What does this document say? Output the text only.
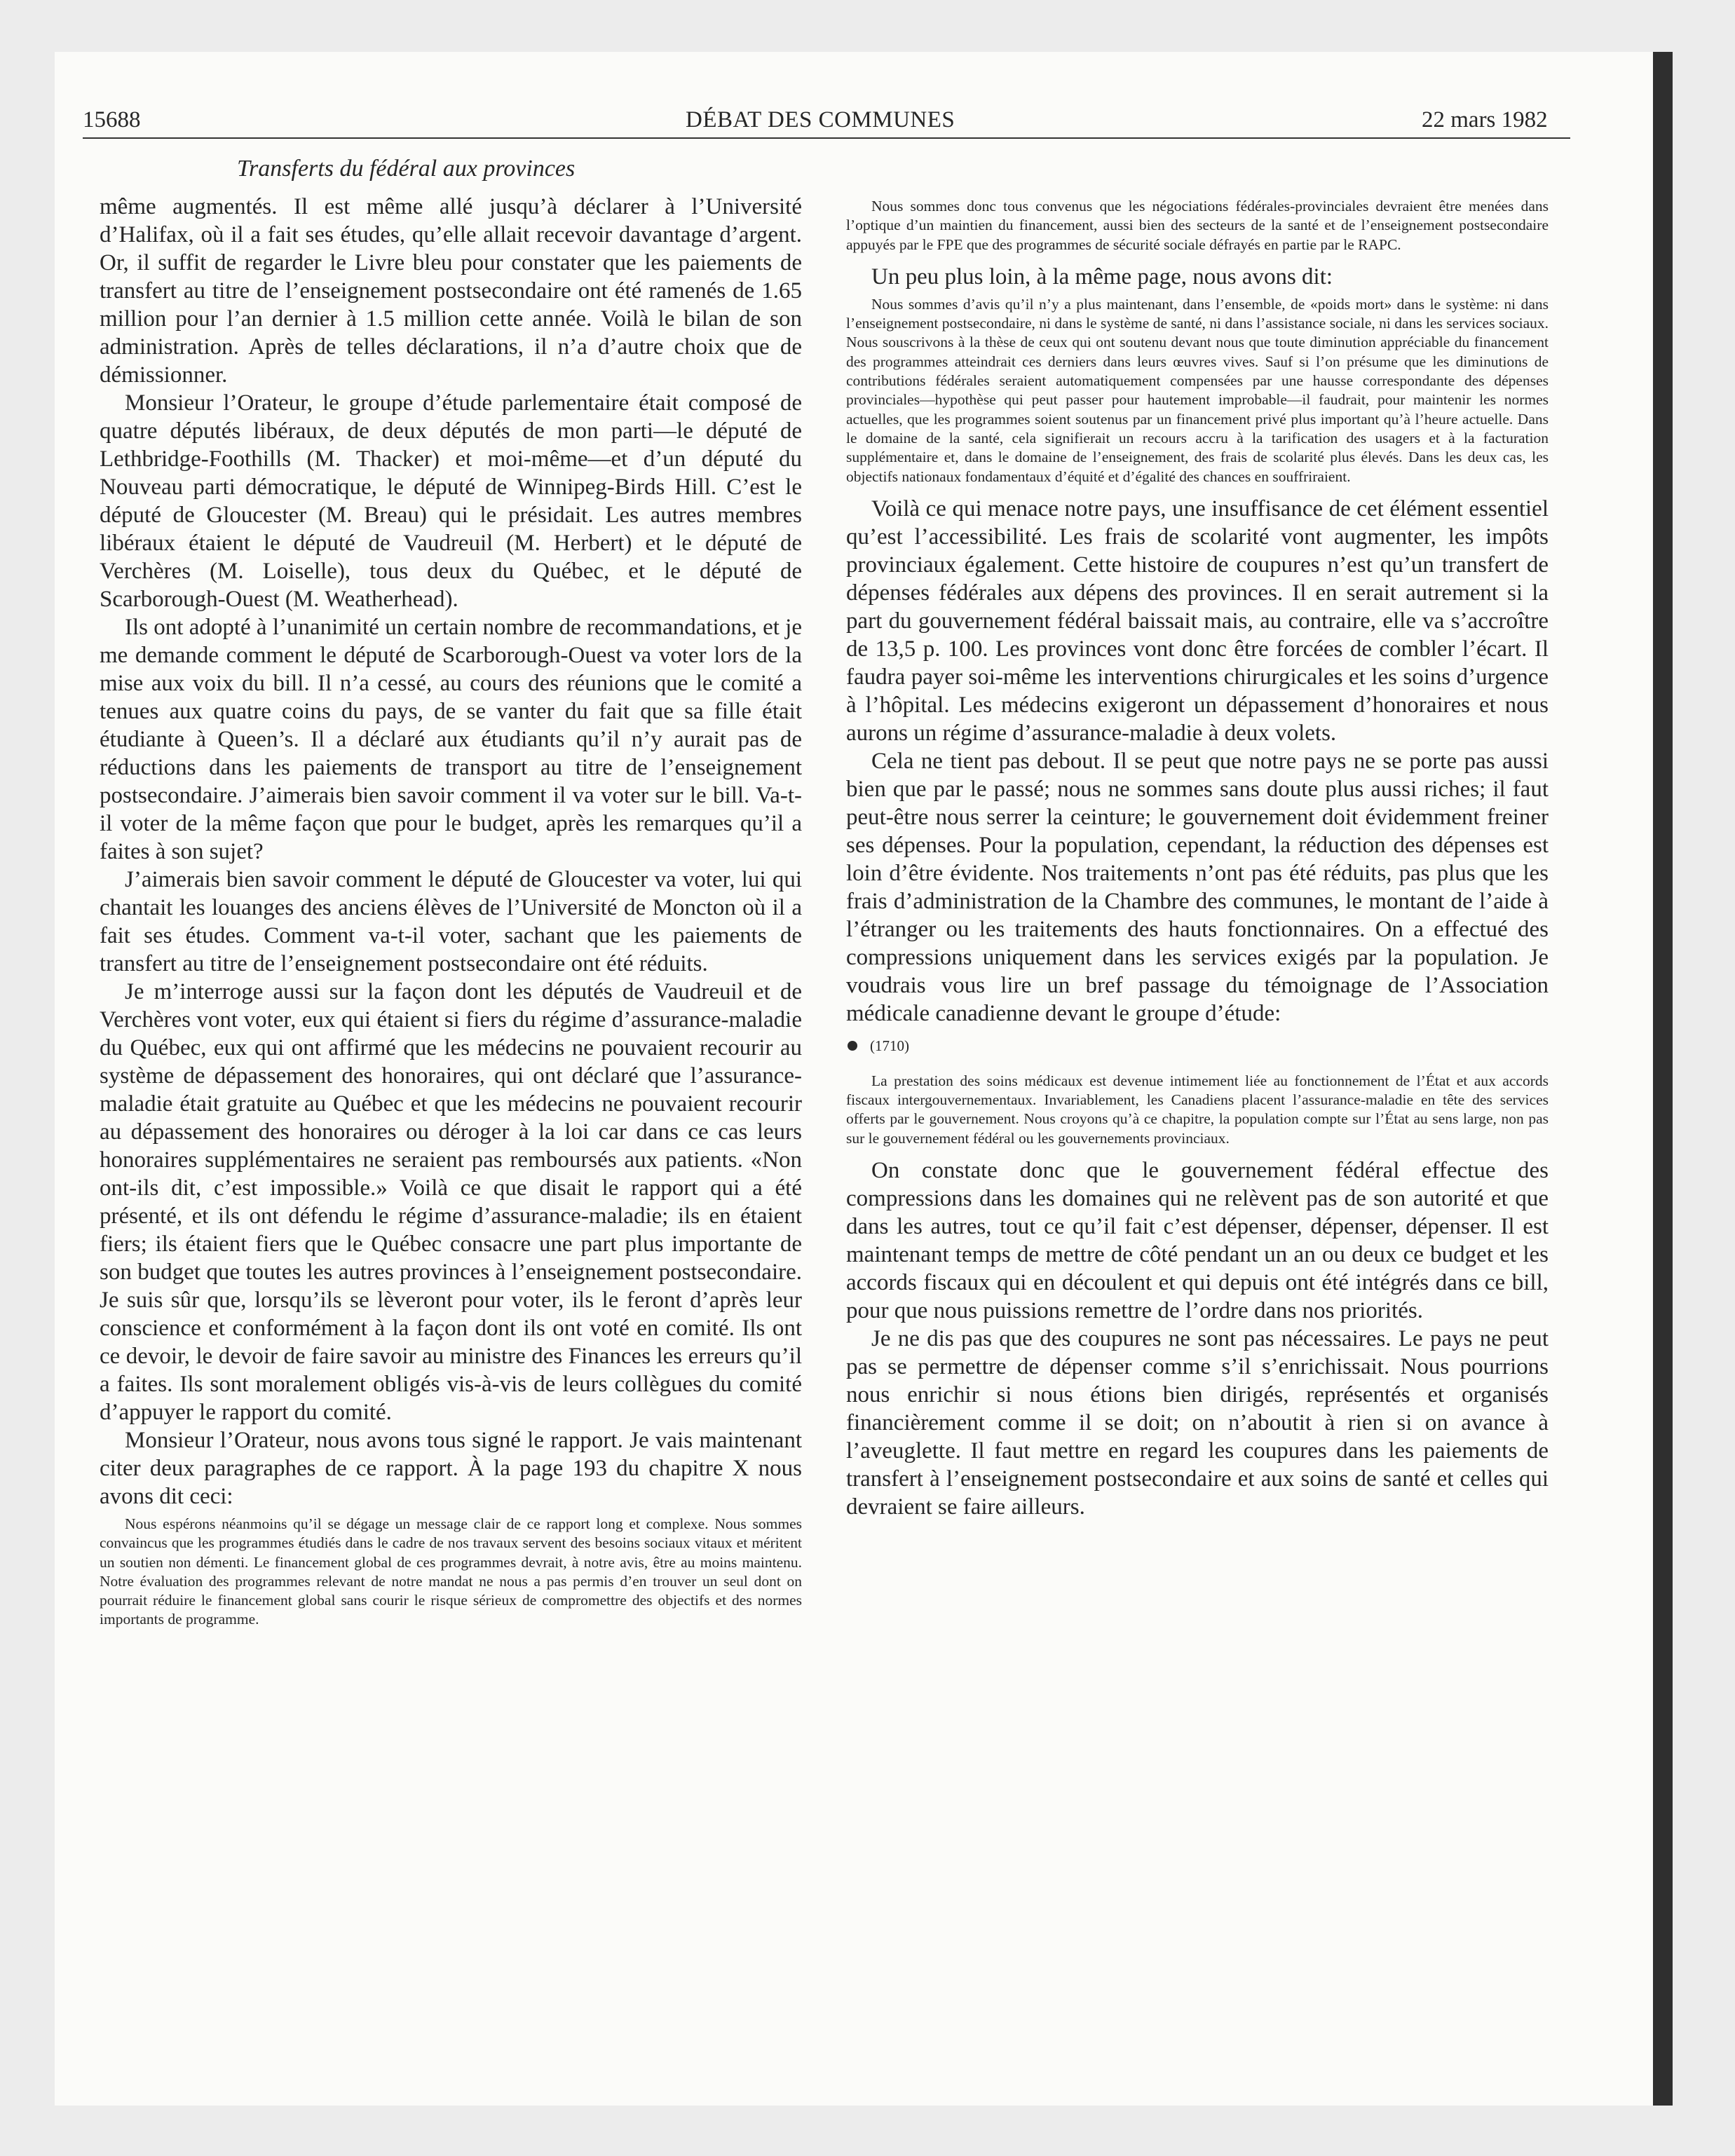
15688	DÉBAT DES COMMUNES	22 mars 1982
Transferts du fédéral aux provinces

même augmentés. Il est même allé jusqu’à déclarer à l’Université d’Halifax, où il a fait ses études, qu’elle allait recevoir davantage d’argent. Or, il suffit de regarder le Livre bleu pour constater que les paiements de transfert au titre de l’enseignement postsecondaire ont été ramenés de 1.65 million pour l’an dernier à 1.5 million cette année. Voilà le bilan de son administration. Après de telles déclarations, il n’a d’autre choix que de démissionner.

Monsieur l’Orateur, le groupe d’étude parlementaire était composé de quatre députés libéraux, de deux députés de mon parti—le député de Lethbridge-Foothills (M. Thacker) et moi-même—et d’un député du Nouveau parti démocratique, le député de Winnipeg-Birds Hill. C’est le député de Gloucester (M. Breau) qui le présidait. Les autres membres libéraux étaient le député de Vaudreuil (M. Herbert) et le député de Verchères (M. Loiselle), tous deux du Québec, et le député de Scarborough-Ouest (M. Weatherhead).

Ils ont adopté à l’unanimité un certain nombre de recommandations, et je me demande comment le député de Scarborough-Ouest va voter lors de la mise aux voix du bill. Il n’a cessé, au cours des réunions que le comité a tenues aux quatre coins du pays, de se vanter du fait que sa fille était étudiante à Queen’s. Il a déclaré aux étudiants qu’il n’y aurait pas de réductions dans les paiements de transport au titre de l’enseignement postsecondaire. J’aimerais bien savoir comment il va voter sur le bill. Va-t-il voter de la même façon que pour le budget, après les remarques qu’il a faites à son sujet?

J’aimerais bien savoir comment le député de Gloucester va voter, lui qui chantait les louanges des anciens élèves de l’Université de Moncton où il a fait ses études. Comment va-t-il voter, sachant que les paiements de transfert au titre de l’enseignement postsecondaire ont été réduits.

Je m’interroge aussi sur la façon dont les députés de Vaudreuil et de Verchères vont voter, eux qui étaient si fiers du régime d’assurance-maladie du Québec, eux qui ont affirmé que les médecins ne pouvaient recourir au système de dépassement des honoraires, qui ont déclaré que l’assurance-maladie était gratuite au Québec et que les médecins ne pouvaient recourir au dépassement des honoraires ou déroger à la loi car dans ce cas leurs honoraires supplémentaires ne seraient pas remboursés aux patients. «Non ont-ils dit, c’est impossible.» Voilà ce que disait le rapport qui a été présenté, et ils ont défendu le régime d’assurance-maladie; ils en étaient fiers; ils étaient fiers que le Québec consacre une part plus importante de son budget que toutes les autres provinces à l’enseignement postsecondaire. Je suis sûr que, lorsqu’ils se lèveront pour voter, ils le feront d’après leur conscience et conformément à la façon dont ils ont voté en comité. Ils ont ce devoir, le devoir de faire savoir au ministre des Finances les erreurs qu’il a faites. Ils sont moralement obligés vis-à-vis de leurs collègues du comité d’appuyer le rapport du comité.

Monsieur l’Orateur, nous avons tous signé le rapport. Je vais maintenant citer deux paragraphes de ce rapport. À la page 193 du chapitre X nous avons dit ceci:

Nous espérons néanmoins qu’il se dégage un message clair de ce rapport long et complexe. Nous sommes convaincus que les programmes étudiés dans le cadre de nos travaux servent des besoins sociaux vitaux et méritent un soutien non démenti. Le financement global de ces programmes devrait, à notre avis, être au moins maintenu. Notre évaluation des programmes relevant de notre mandat ne nous a pas permis d’en trouver un seul dont on pourrait réduire le financement global sans courir le risque sérieux de compromettre des objectifs et des normes importants de programme.

Nous sommes donc tous convenus que les négociations fédérales-provinciales devraient être menées dans l’optique d’un maintien du financement, aussi bien des secteurs de la santé et de l’enseignement postsecondaire appuyés par le FPE que des programmes de sécurité sociale défrayés en partie par le RAPC.

Un peu plus loin, à la même page, nous avons dit:

Nous sommes d’avis qu’il n’y a plus maintenant, dans l’ensemble, de «poids mort» dans le système: ni dans l’enseignement postsecondaire, ni dans le système de santé, ni dans l’assistance sociale, ni dans les services sociaux. Nous souscrivons à la thèse de ceux qui ont soutenu devant nous que toute diminution appréciable du financement des programmes atteindrait ces derniers dans leurs œuvres vives. Sauf si l’on présume que les diminutions de contributions fédérales seraient automatiquement compensées par une hausse correspondante des dépenses provinciales—hypothèse qui peut passer pour hautement improbable—il faudrait, pour maintenir les normes actuelles, que les programmes soient soutenus par un financement privé plus important qu’à l’heure actuelle. Dans le domaine de la santé, cela signifierait un recours accru à la tarification des usagers et à la facturation supplémentaire et, dans le domaine de l’enseignement, des frais de scolarité plus élevés. Dans les deux cas, les objectifs nationaux fondamentaux d’équité et d’égalité des chances en souffriraient.

Voilà ce qui menace notre pays, une insuffisance de cet élément essentiel qu’est l’accessibilité. Les frais de scolarité vont augmenter, les impôts provinciaux également. Cette histoire de coupures n’est qu’un transfert de dépenses fédérales aux dépens des provinces. Il en serait autrement si la part du gouvernement fédéral baissait mais, au contraire, elle va s’accroître de 13,5 p. 100. Les provinces vont donc être forcées de combler l’écart. Il faudra payer soi-même les interventions chirurgicales et les soins d’urgence à l’hôpital. Les médecins exigeront un dépassement d’honoraires et nous aurons un régime d’assurance-maladie à deux volets.

Cela ne tient pas debout. Il se peut que notre pays ne se porte pas aussi bien que par le passé; nous ne sommes sans doute plus aussi riches; il faut peut-être nous serrer la ceinture; le gouvernement doit évidemment freiner ses dépenses. Pour la population, cependant, la réduction des dépenses est loin d’être évidente. Nos traitements n’ont pas été réduits, pas plus que les frais d’administration de la Chambre des communes, le montant de l’aide à l’étranger ou les traitements des hauts fonctionnaires. On a effectué des compressions uniquement dans les services exigés par la population. Je voudrais vous lire un bref passage du témoignage de l’Association médicale canadienne devant le groupe d’étude:

(1710)

La prestation des soins médicaux est devenue intimement liée au fonctionnement de l’État et aux accords fiscaux intergouvernementaux. Invariablement, les Canadiens placent l’assurance-maladie en tête des services offerts par le gouvernement. Nous croyons qu’à ce chapitre, la population compte sur l’État au sens large, non pas sur le gouvernement fédéral ou les gouvernements provinciaux.

On constate donc que le gouvernement fédéral effectue des compressions dans les domaines qui ne relèvent pas de son autorité et que dans les autres, tout ce qu’il fait c’est dépenser, dépenser, dépenser. Il est maintenant temps de mettre de côté pendant un an ou deux ce budget et les accords fiscaux qui en découlent et qui depuis ont été intégrés dans ce bill, pour que nous puissions remettre de l’ordre dans nos priorités.

Je ne dis pas que des coupures ne sont pas nécessaires. Le pays ne peut pas se permettre de dépenser comme s’il s’enrichissait. Nous pourrions nous enrichir si nous étions bien dirigés, représentés et organisés financièrement comme il se doit; on n’aboutit à rien si on avance à l’aveuglette. Il faut mettre en regard les coupures dans les paiements de transfert à l’enseignement postsecondaire et aux soins de santé et celles qui devraient se faire ailleurs.
